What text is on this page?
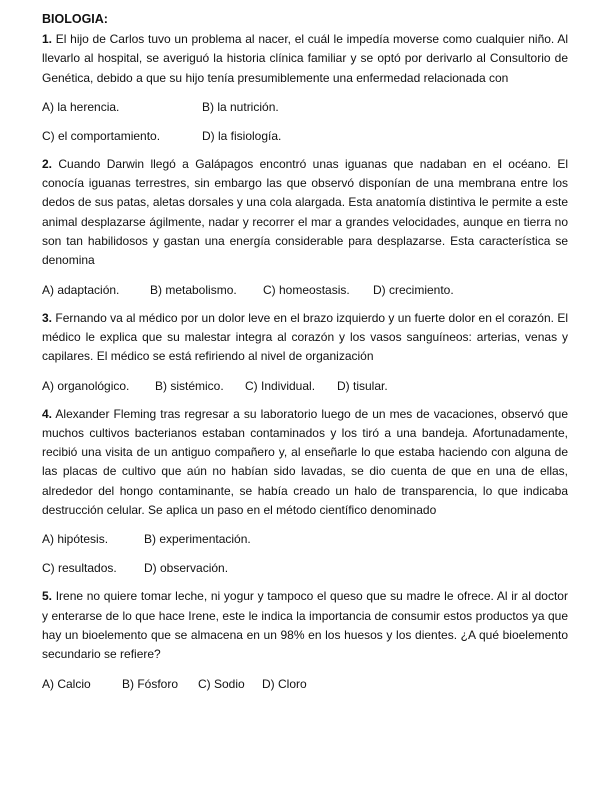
BIOLOGIA:

1. El hijo de Carlos tuvo un problema al nacer, el cuál le impedía moverse como cualquier niño. Al llevarlo al hospital, se averiguó la historia clínica familiar y se optó por derivarlo al Consultorio de Genética, debido a que su hijo tenía presumiblemente una enfermedad relacionada con

A) la herencia.	B) la nutrición.
C) el comportamiento.	D) la fisiología.

2. Cuando Darwin llegó a Galápagos encontró unas iguanas que nadaban en el océano. El conocía iguanas terrestres, sin embargo las que observó disponían de una membrana entre los dedos de sus patas, aletas dorsales y una cola alargada. Esta anatomía distintiva le permite a este animal desplazarse ágilmente, nadar y recorrer el mar a grandes velocidades, aunque en tierra no son tan habilidosos y gastan una energía considerable para desplazarse. Esta característica se denomina

A) adaptación.	B) metabolismo. C) homeostasis. D) crecimiento.

3. Fernando va al médico por un dolor leve en el brazo izquierdo y un fuerte dolor en el corazón. El médico le explica que su malestar integra al corazón y los vasos sanguíneos: arterias, venas y capilares. El médico se está refiriendo al nivel de organización

A) organológico. B) sistémico. C) Individual. D) tisular.

4. Alexander Fleming tras regresar a su laboratorio luego de un mes de vacaciones, observó que muchos cultivos bacterianos estaban contaminados y los tiró a una bandeja. Afortunadamente, recibió una visita de un antiguo compañero y, al enseñarle lo que estaba haciendo con alguna de las placas de cultivo que aún no habían sido lavadas, se dio cuenta de que en una de ellas, alrededor del hongo contaminante, se había creado un halo de transparencia, lo que indicaba destrucción celular. Se aplica un paso en el método científico denominado

A) hipótesis.	B) experimentación.
C) resultados. D) observación.

5. Irene no quiere tomar leche, ni yogur y tampoco el queso que su madre le ofrece. Al ir al doctor y enterarse de lo que hace Irene, este le indica la importancia de consumir estos productos ya que hay un bioelemento que se almacena en un 98% en los huesos y los dientes. ¿A qué bioelemento secundario se refiere?

A) Calcio	B) Fósforo C) Sodio D) Cloro
